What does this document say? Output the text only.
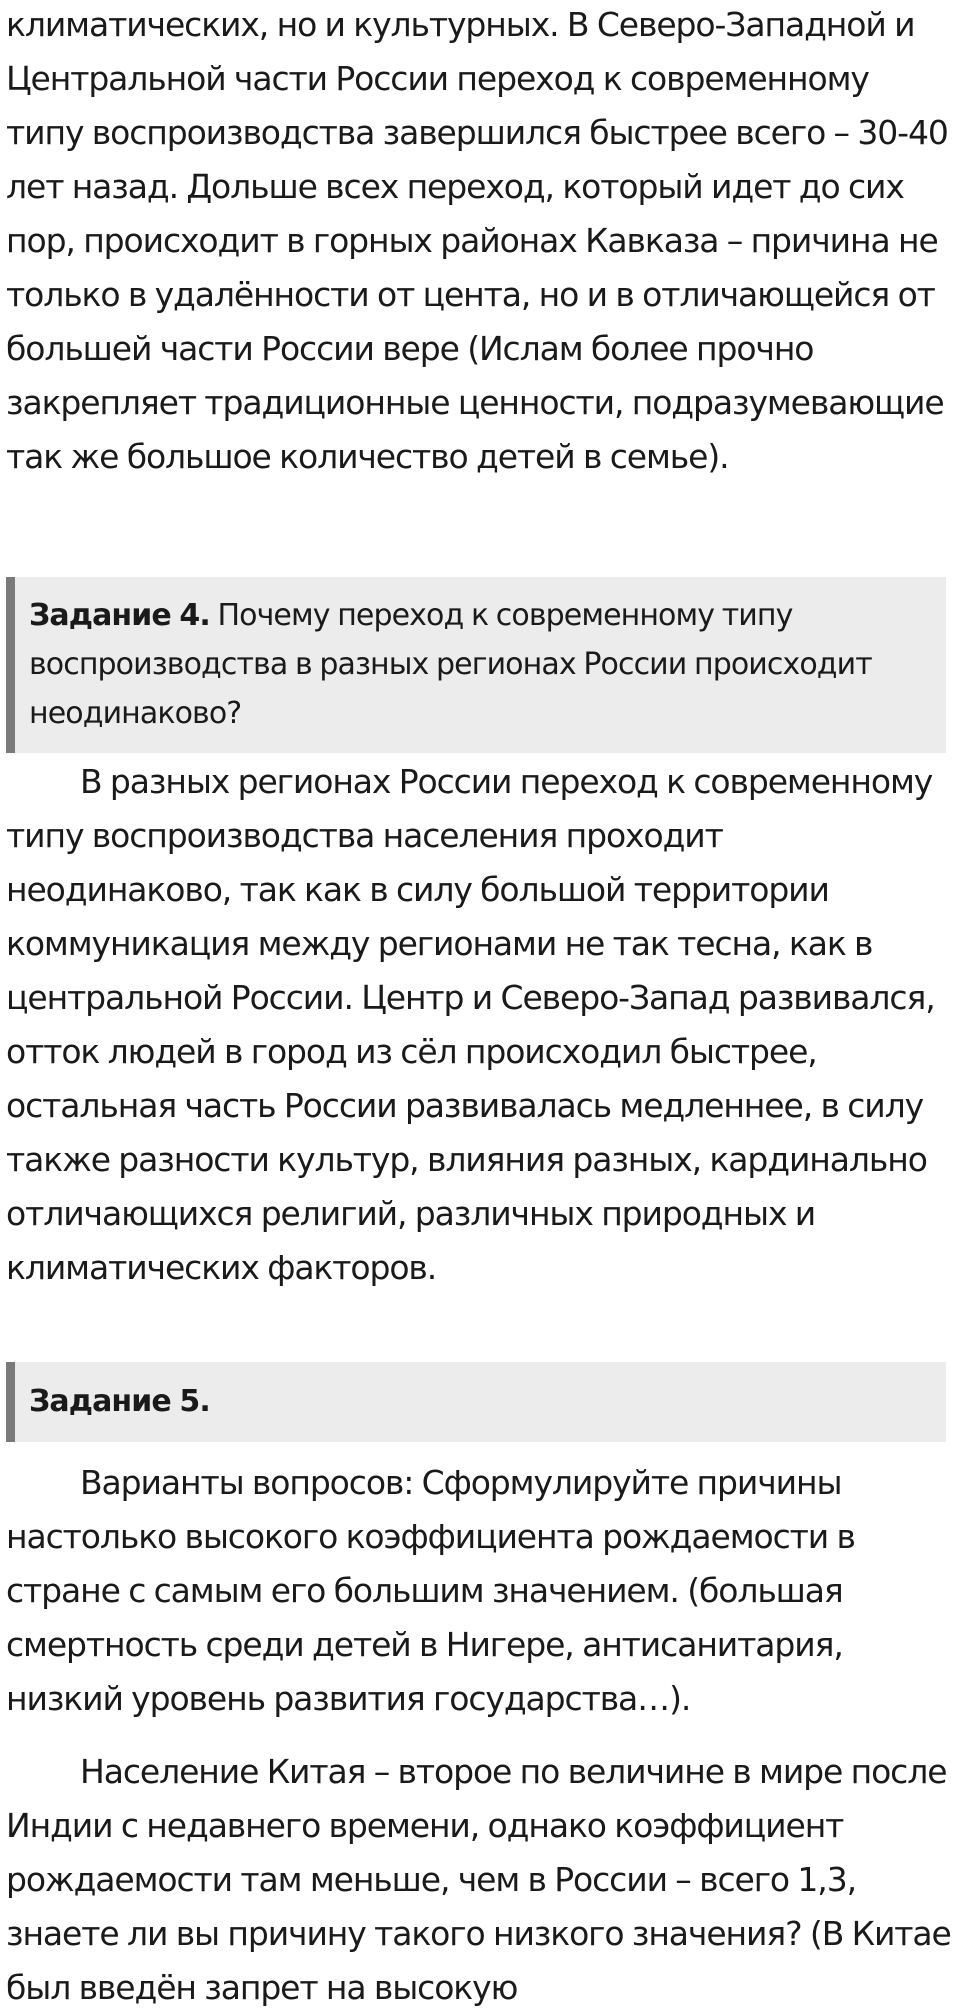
климатических, но и культурных. В Северо-Западной и Центральной части России переход к современному типу воспроизводства завершился быстрее всего – 30-40 лет назад. Дольше всех переход, который идет до сих пор, происходит в горных районах Кавказа – причина не только в удалённости от цента, но и в отличающейся от большей части России вере (Ислам более прочно закрепляет традиционные ценности, подразумевающие так же большое количество детей в семье).

Задание 4. Почему переход к современному типу воспроизводства в разных регионах России происходит неодинаково?

В разных регионах России переход к современному типу воспроизводства населения проходит неодинаково, так как в силу большой территории коммуникация между регионами не так тесна, как в центральной России. Центр и Северо-Запад развивался, отток людей в город из сёл происходил быстрее, остальная часть России развивалась медленнее, в силу также разности культур, влияния разных, кардинально отличающихся религий, различных природных и климатических факторов.

Задание 5.

Варианты вопросов: Сформулируйте причины настолько высокого коэффициента рождаемости в стране с самым его большим значением. (большая смертность среди детей в Нигере, антисанитария, низкий уровень развития государства…).

Население Китая – второе по величине в мире после Индии с недавнего времени, однако коэффициент рождаемости там меньше, чем в России – всего 1,3, знаете ли вы причину такого низкого значения? (В Китае был введён запрет на высокую
